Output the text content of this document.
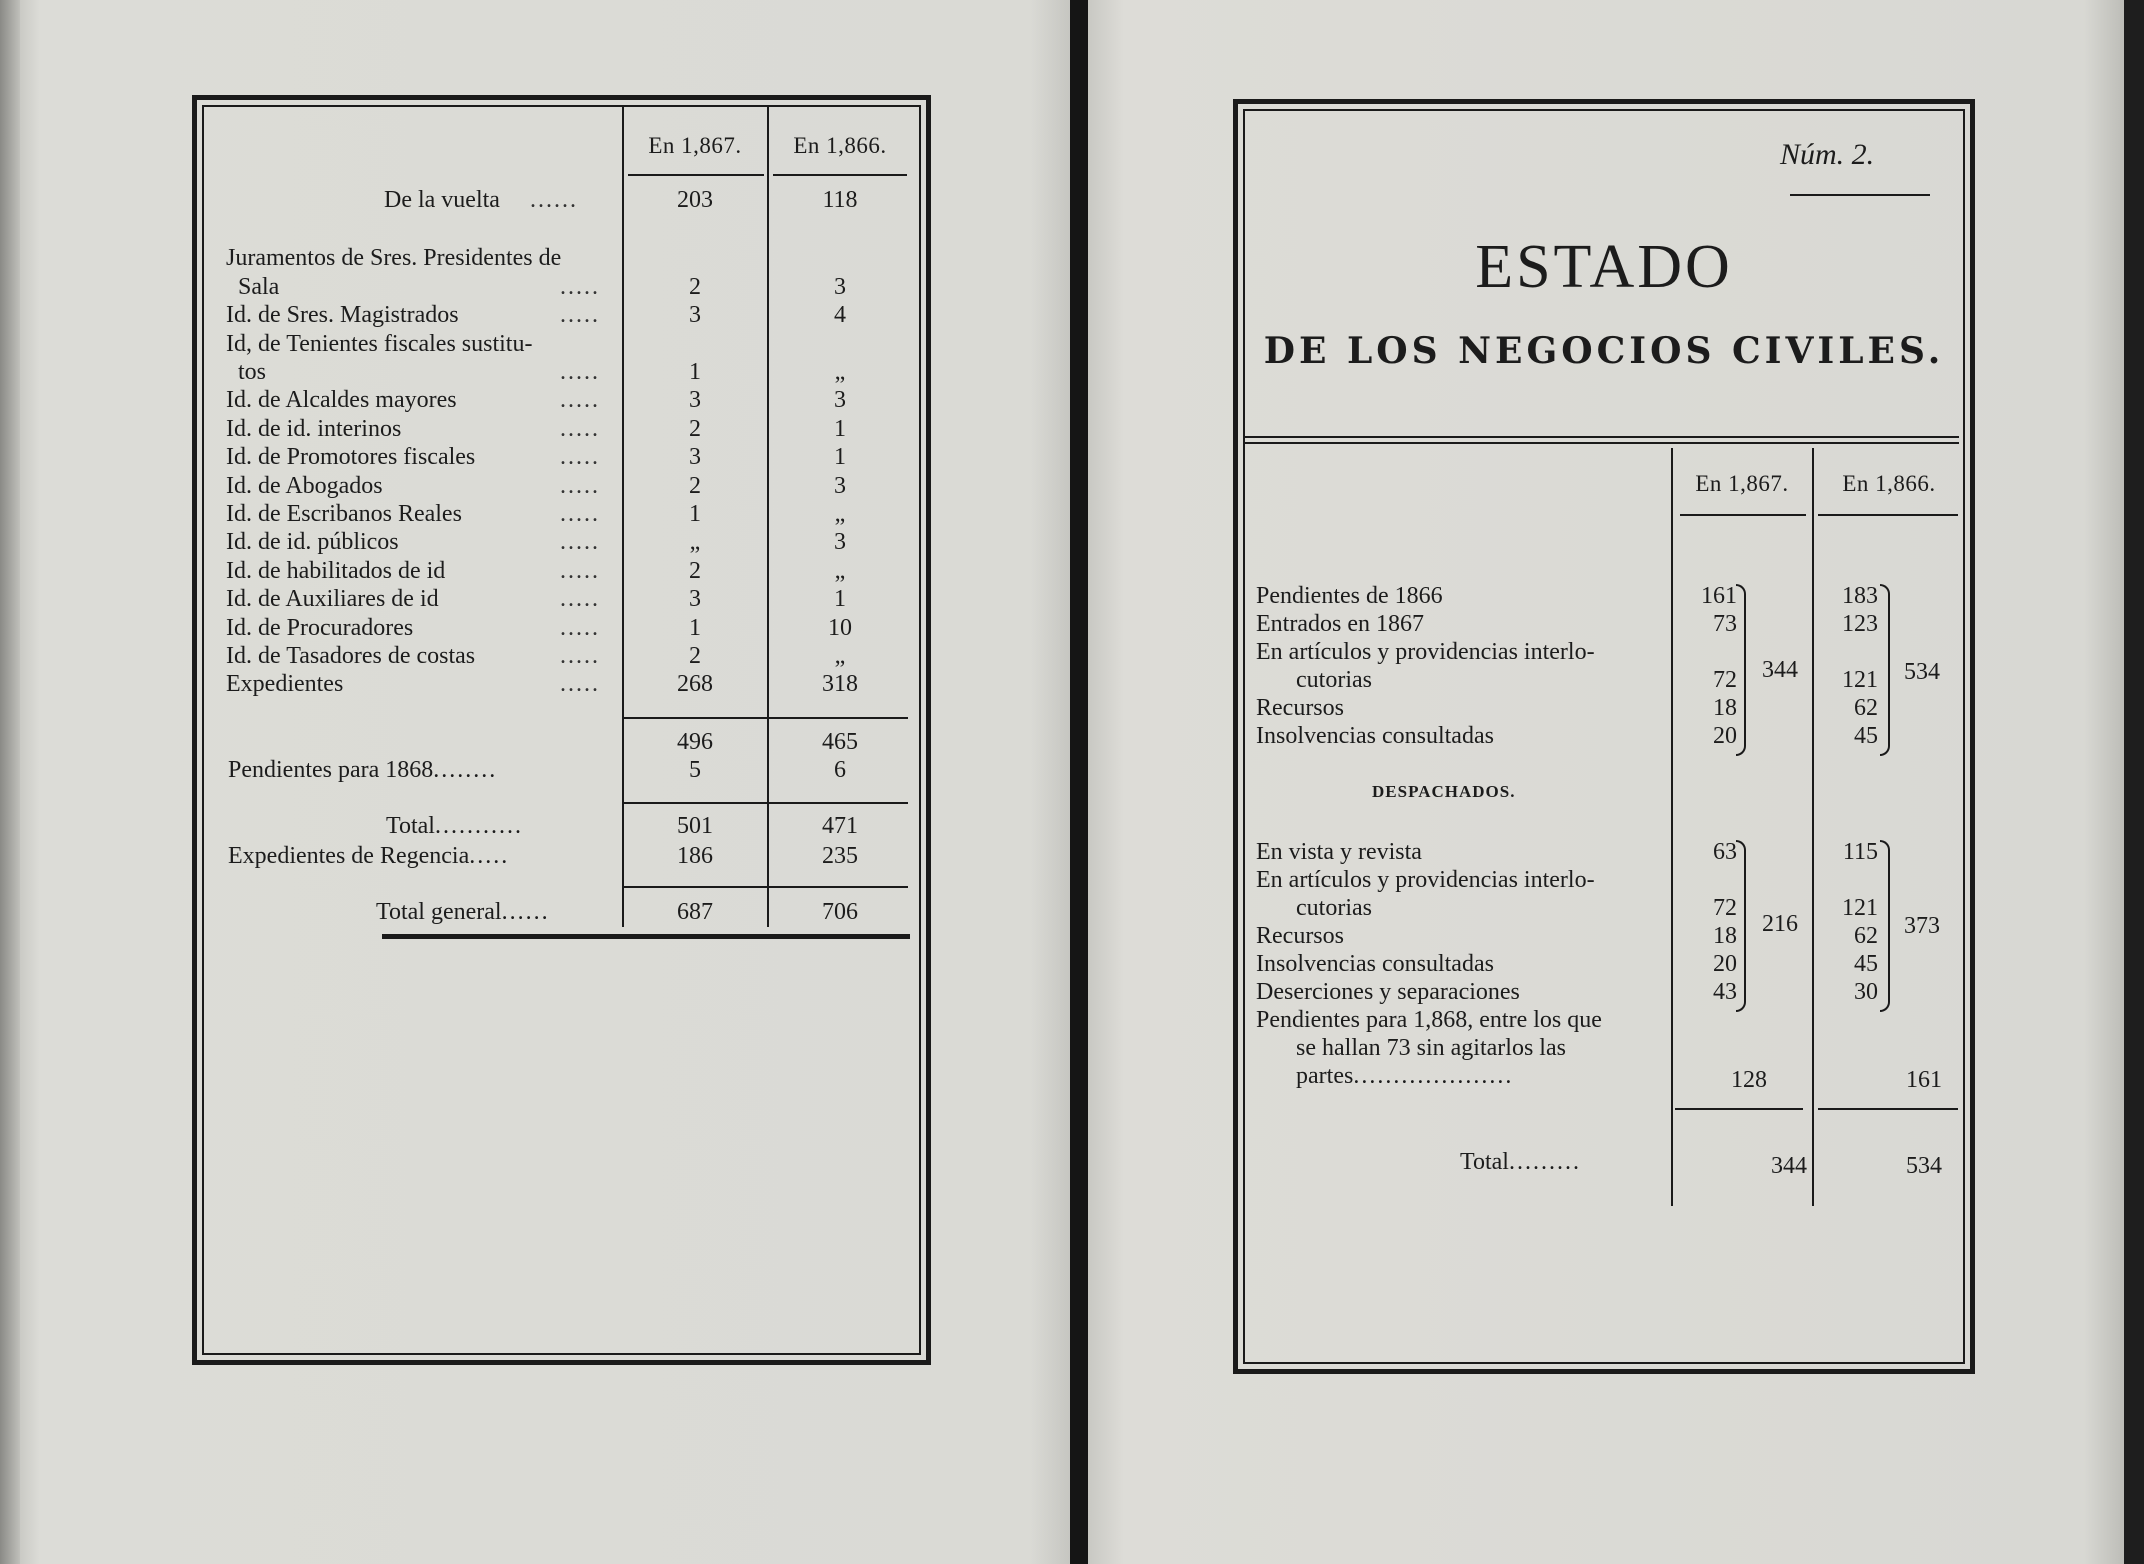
En 1,867.	En 1,866.
De la vuelta ......	203	118
Juramentos de Sres. Presidentes de
Sala	.....	2	3
Id. de Sres. Magistrados	.....	3	4
Id, de Tenientes fiscales sustitu-
tos	.....	1	„
Id. de Alcaldes mayores	.....	3	3
Id. de id. interinos	.....	2	1
Id. de Promotores fiscales	.....	3	1
Id. de Abogados	.....	2	3
Id. de Escribanos Reales	.....	1	„
Id. de id. públicos	.....	„	3
Id. de habilitados de id	.....	2	„
Id. de Auxiliares de id	.....	3	1
Id. de Procuradores	.....	1	10
Id. de Tasadores de costas	.....	2	„
Expedientes	.....	268	318
496	465
Pendientes para 1868........	5	6
Total...........	501	471
Expedientes de Regencia.....	186	235
Total general......	687	706
Núm. 2.
ESTADO
DE LOS NEGOCIOS CIVILES.
En 1,867.	En 1,866.
Pendientes de 1866	161	183
Entrados en 1867	73	123
En artículos y providencias interlo-
cutorias	72	121
Recursos	18	62
Insolvencias consultadas	20	45
344	534
DESPACHADOS.
En vista y revista	63	115
En artículos y providencias interlo-
cutorias	72	121
Recursos	18	62
Insolvencias consultadas	20	45
Deserciones y separaciones	43	30
216	373
Pendientes para 1,868, entre los que
se hallan 73 sin agitarlos las
partes....................	128	161
Total.........	344	534
